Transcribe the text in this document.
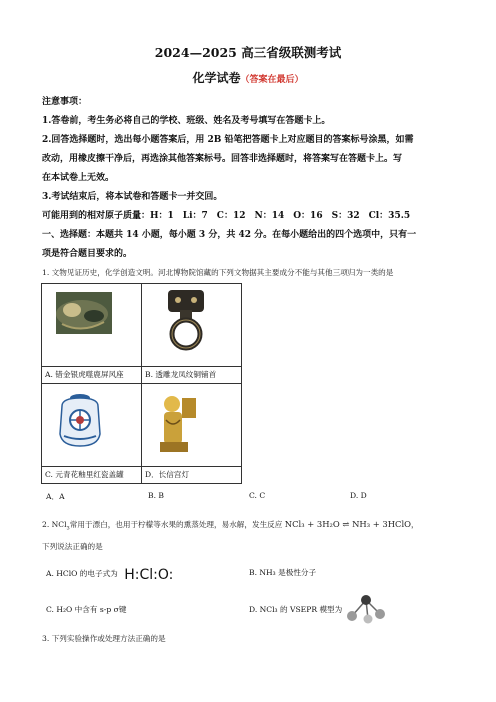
2024—2025 高三省级联测考试
化学试卷（答案在最后）
注意事项：
1.答卷前，考生务必将自己的学校、班级、姓名及考号填写在答题卡上。
2.回答选择题时，选出每小题答案后，用 2B 铅笔把答题卡上对应题目的答案标号涂黑，如需
改动，用橡皮擦干净后，再选涂其他答案标号。回答非选择题时，将答案写在答题卡上。写
在本试卷上无效。
3.考试结束后，将本试卷和答题卡一并交回。
可能用到的相对原子质量：H：1　Li：7　C：12　N：14　O：16　S：32　Cl：35.5
一、选择题：本题共 14 小题，每小题 3 分，共 42 分。在每小题给出的四个选项中，只有一
项是符合题目要求的。
1. 文物见证历史，化学创造文明。河北博物院馆藏的下列文物据其主要成分不能与其他三项归为一类的是

A. 错金银虎噬鹿屏风座	B. 透雕龙凤纹铜铺首

C. 元青花釉里红瓷盖罐	D．长信宫灯
A．A	B. B	C. C	D. D
2. NCl$_3$常用于漂白，也用于柠檬等水果的熏蒸处理，易水解，发生反应 NCl₃ + 3H₂O ⇌ NH₃ + 3HClO，
下列说法正确的是
A. HClO 的电子式为 H:Cl:O:	B. NH₃ 是极性分子
C. H₂O 中含有 s-p σ键	D. NCl₃ 的 VSEPR 模型为
3. 下列实验操作或处理方法正确的是
